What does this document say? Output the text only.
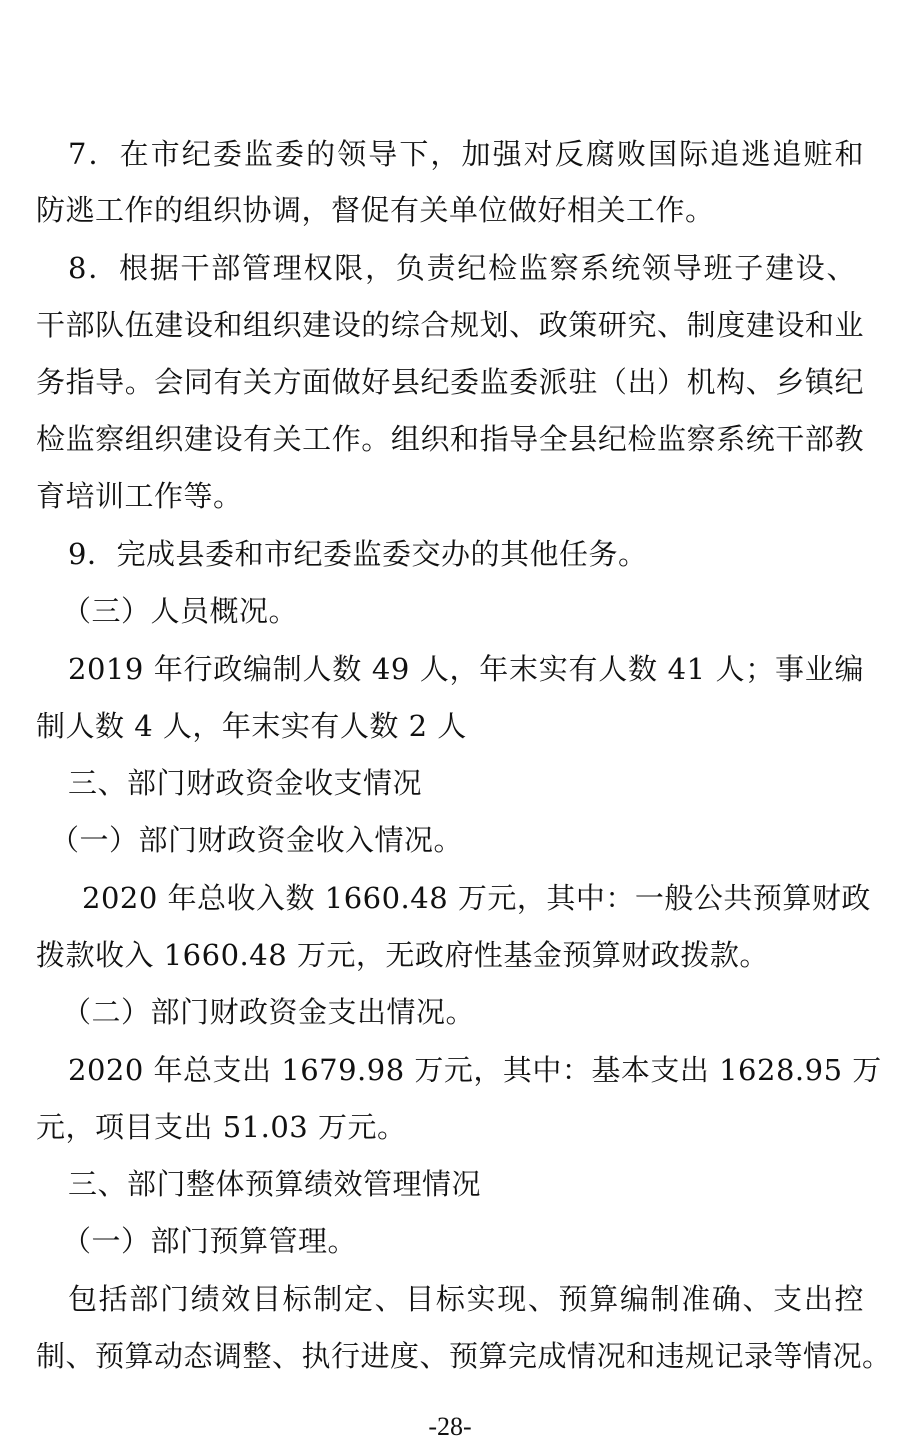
7．在市纪委监委的领导下，加强对反腐败国际追逃追赃和
防逃工作的组织协调，督促有关单位做好相关工作。
8．根据干部管理权限，负责纪检监察系统领导班子建设、
干部队伍建设和组织建设的综合规划、政策研究、制度建设和业
务指导。会同有关方面做好县纪委监委派驻（出）机构、乡镇纪
检监察组织建设有关工作。组织和指导全县纪检监察系统干部教
育培训工作等。
9．完成县委和市纪委监委交办的其他任务。
（三）人员概况。
2019 年行政编制人数 49 人，年末实有人数 41 人；事业编
制人数 4 人，年末实有人数 2 人
三、部门财政资金收支情况
（一）部门财政资金收入情况。
2020 年总收入数 1660.48 万元，其中：一般公共预算财政
拨款收入 1660.48 万元，无政府性基金预算财政拨款。
（二）部门财政资金支出情况。
2020 年总支出 1679.98 万元，其中：基本支出 1628.95 万
元，项目支出 51.03 万元。
三、部门整体预算绩效管理情况
（一）部门预算管理。
包括部门绩效目标制定、目标实现、预算编制准确、支出控
制、预算动态调整、执行进度、预算完成情况和违规记录等情况。
-28-
